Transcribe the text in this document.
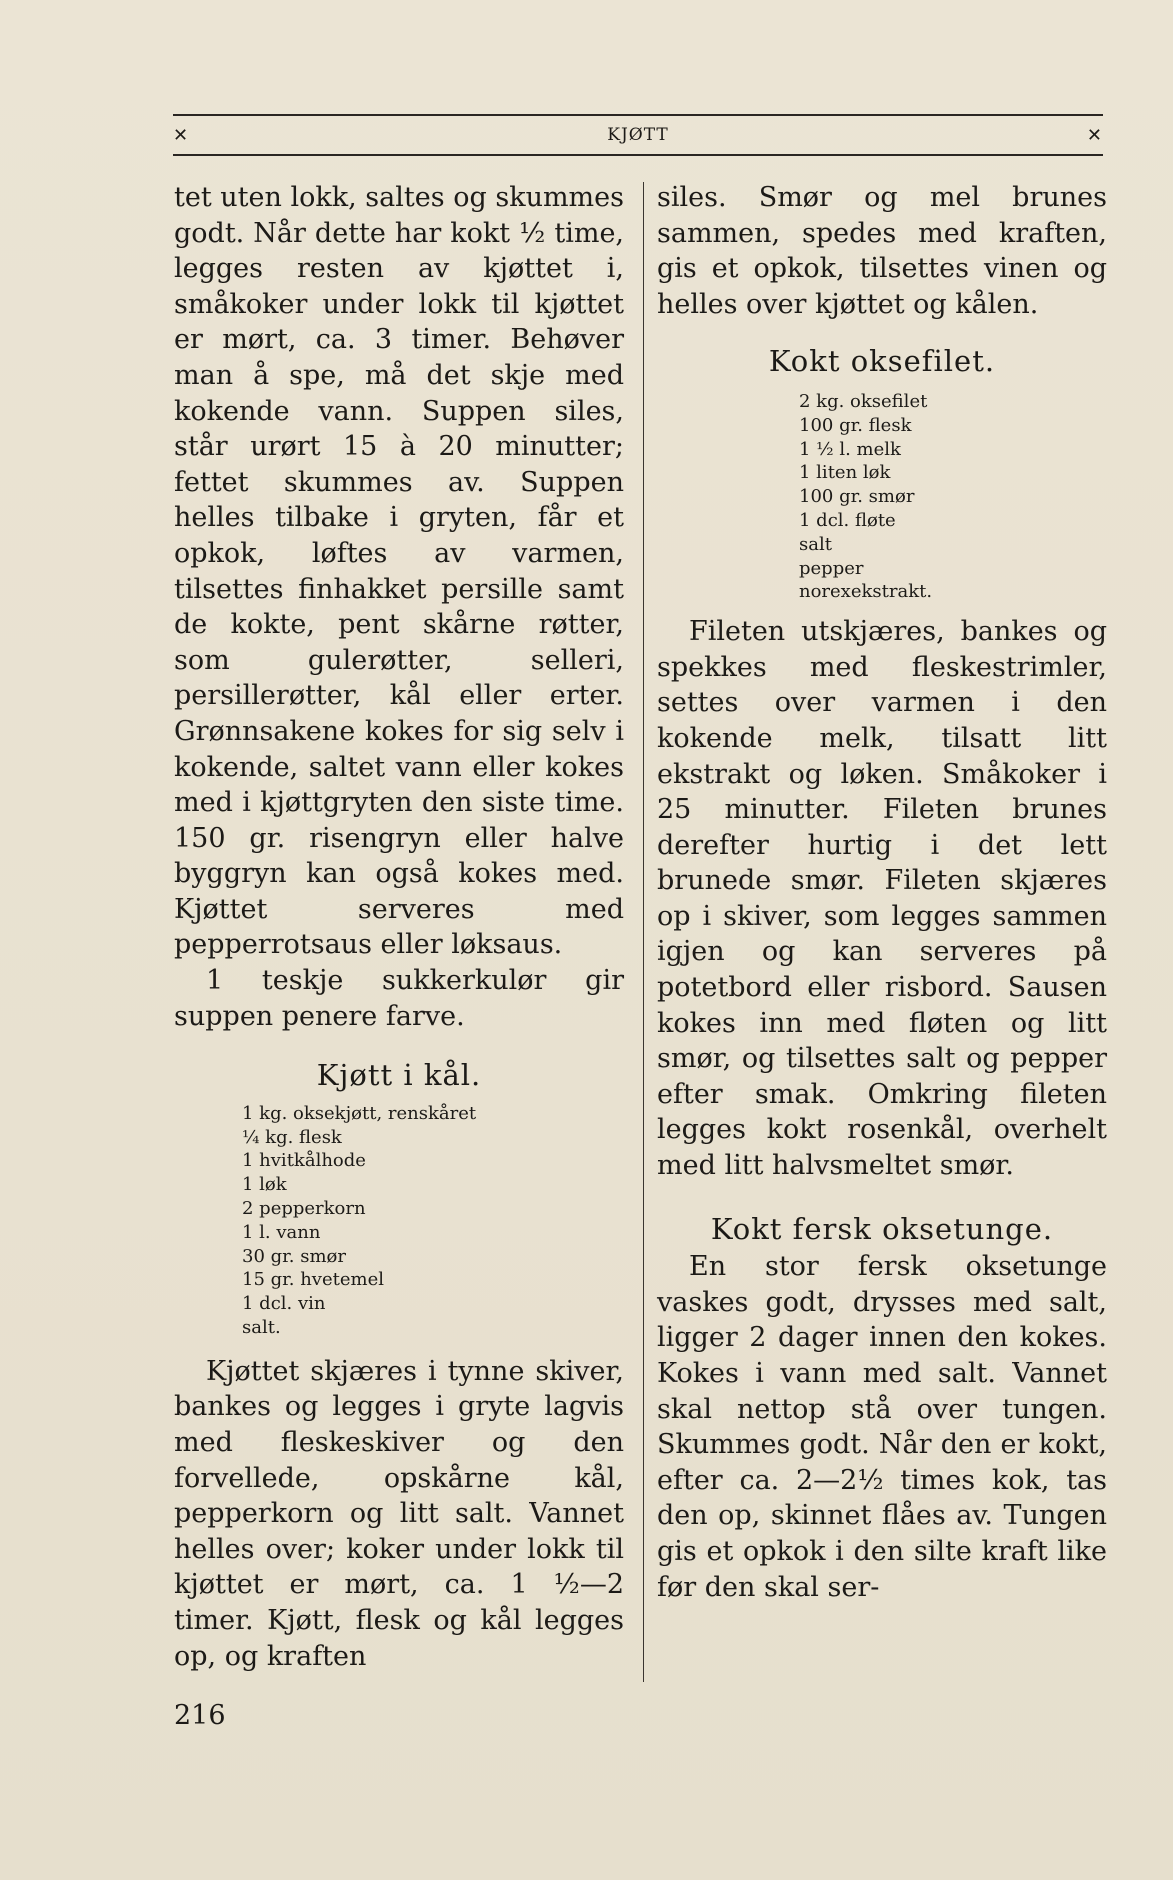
✕	KJØTT	✕

tet uten lokk, saltes og skummes godt. Når dette har kokt ½ time, legges resten av kjøttet i, småkoker under lokk til kjøttet er mørt, ca. 3 timer. Behøver man å spe, må det skje med kokende vann. Suppen siles, står urørt 15 à 20 minutter; fettet skummes av. Suppen helles tilbake i gryten, får et opkok, løftes av varmen, tilsettes finhakket persille samt de kokte, pent skårne røtter, som gulerøtter, selleri, persillerøtter, kål eller erter. Grønnsakene kokes for sig selv i kokende, saltet vann eller kokes med i kjøttgryten den siste time. 150 gr. risengryn eller halve byggryn kan også kokes med. Kjøttet serveres med pepperrotsaus eller løksaus.

1 teskje sukkerkulør gir suppen penere farve.

Kjøtt i kål.
1 kg. oksekjøtt, renskåret
¼ kg. flesk
1 hvitkålhode
1 løk
2 pepperkorn
1 l. vann
30 gr. smør
15 gr. hvetemel
1 dcl. vin
salt.

Kjøttet skjæres i tynne skiver, bankes og legges i gryte lagvis med fleskeskiver og den forvellede, opskårne kål, pepperkorn og litt salt. Vannet helles over; koker under lokk til kjøttet er mørt, ca. 1 ½—2 timer. Kjøtt, flesk og kål legges op, og kraften

siles. Smør og mel brunes sammen, spedes med kraften, gis et opkok, tilsettes vinen og helles over kjøttet og kålen.

Kokt oksefilet.
2 kg. oksefilet
100 gr. flesk
1 ½ l. melk
1 liten løk
100 gr. smør
1 dcl. fløte
salt
pepper
norexekstrakt.

Fileten utskjæres, bankes og spekkes med fleskestrimler, settes over varmen i den kokende melk, tilsatt litt ekstrakt og løken. Småkoker i 25 minutter. Fileten brunes derefter hurtig i det lett brunede smør. Fileten skjæres op i skiver, som legges sammen igjen og kan serveres på potetbord eller risbord. Sausen kokes inn med fløten og litt smør, og tilsettes salt og pepper efter smak. Omkring fileten legges kokt rosenkål, overhelt med litt halvsmeltet smør.

Kokt fersk oksetunge.

En stor fersk oksetunge vaskes godt, drysses med salt, ligger 2 dager innen den kokes. Kokes i vann med salt. Vannet skal nettop stå over tungen. Skummes godt. Når den er kokt, efter ca. 2—2½ times kok, tas den op, skinnet flåes av. Tungen gis et opkok i den silte kraft like før den skal ser-

216
